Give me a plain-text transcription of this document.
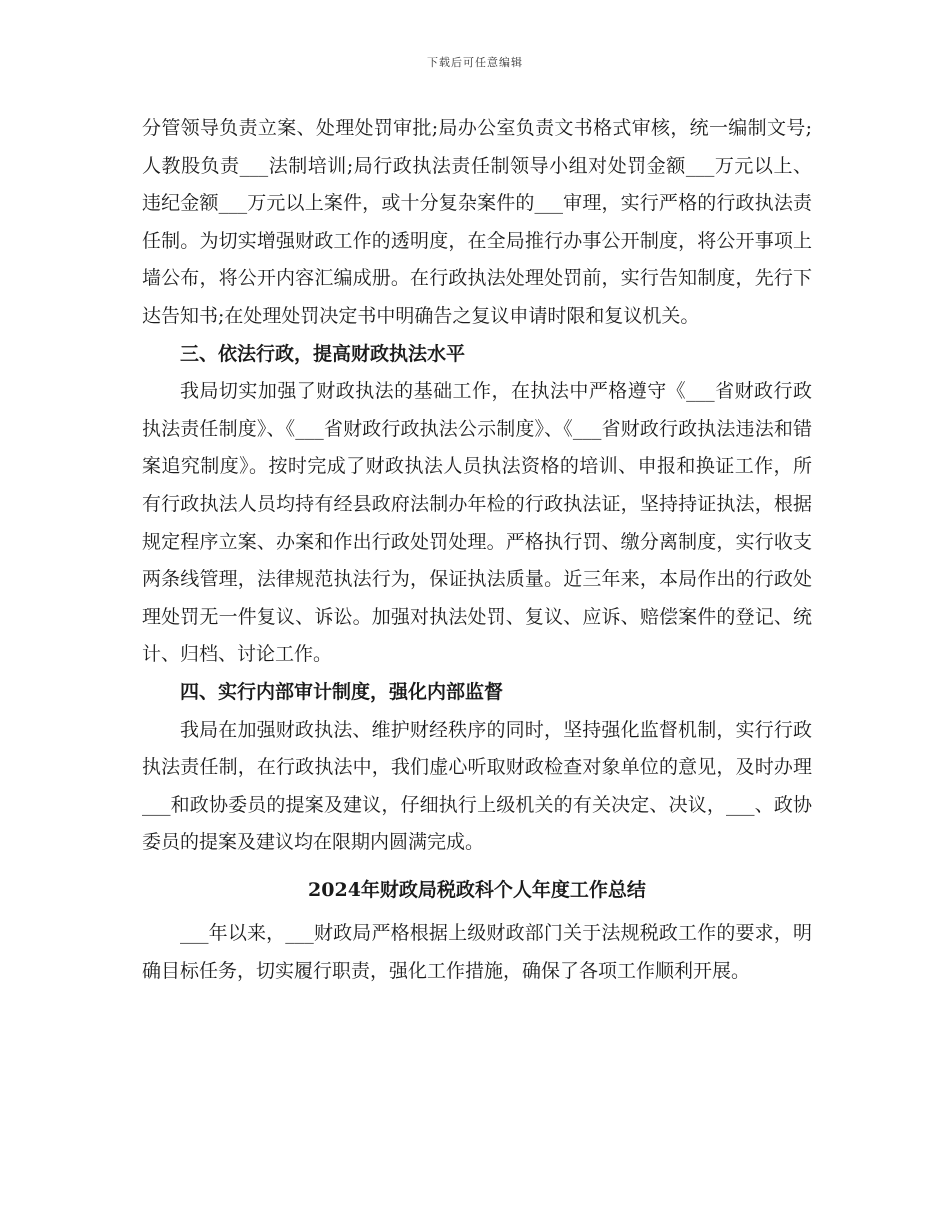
下载后可任意编辑

分管领导负责立案、处理处罚审批;局办公室负责文书格式审核，统一编制文号;人教股负责___法制培训;局行政执法责任制领导小组对处罚金额___万元以上、违纪金额___万元以上案件，或十分复杂案件的___审理，实行严格的行政执法责任制。为切实增强财政工作的透明度，在全局推行办事公开制度，将公开事项上墙公布，将公开内容汇编成册。在行政执法处理处罚前，实行告知制度，先行下达告知书;在处理处罚决定书中明确告之复议申请时限和复议机关。

三、依法行政，提高财政执法水平

我局切实加强了财政执法的基础工作，在执法中严格遵守《___省财政行政执法责任制度》、《___省财政行政执法公示制度》、《___省财政行政执法违法和错案追究制度》。按时完成了财政执法人员执法资格的培训、申报和换证工作，所有行政执法人员均持有经县政府法制办年检的行政执法证，坚持持证执法，根据规定程序立案、办案和作出行政处罚处理。严格执行罚、缴分离制度，实行收支两条线管理，法律规范执法行为，保证执法质量。近三年来，本局作出的行政处理处罚无一件复议、诉讼。加强对执法处罚、复议、应诉、赔偿案件的登记、统计、归档、讨论工作。

四、实行内部审计制度，强化内部监督

我局在加强财政执法、维护财经秩序的同时，坚持强化监督机制，实行行政执法责任制，在行政执法中，我们虚心听取财政检查对象单位的意见，及时办理___和政协委员的提案及建议，仔细执行上级机关的有关决定、决议，___、政协委员的提案及建议均在限期内圆满完成。

2024年财政局税政科个人年度工作总结

___年以来，___财政局严格根据上级财政部门关于法规税政工作的要求，明确目标任务，切实履行职责，强化工作措施，确保了各项工作顺利开展。
